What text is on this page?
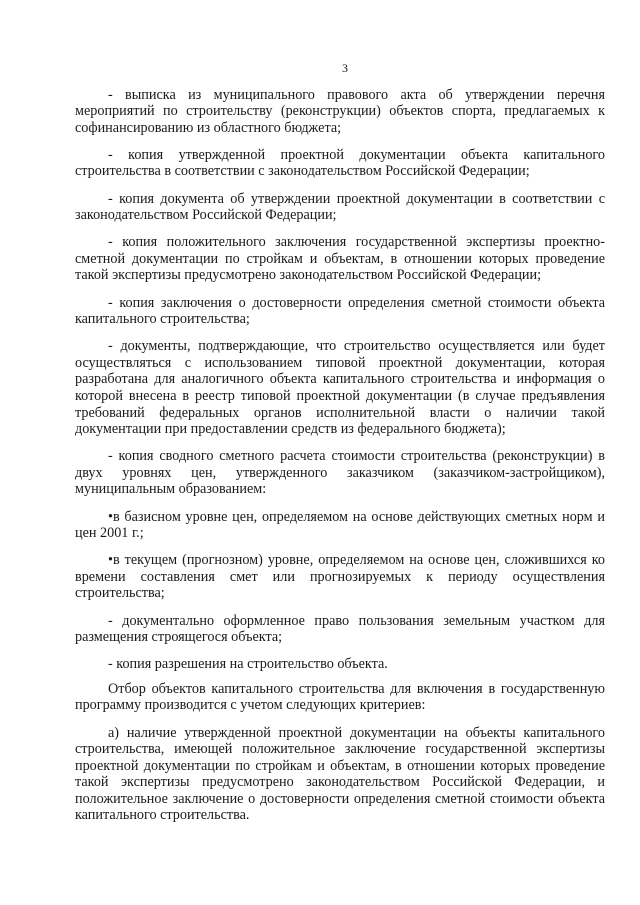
3

- выписка из муниципального правового акта об утверждении перечня мероприятий по строительству (реконструкции) объектов спорта, предлагаемых к софинансированию из областного бюджета;

- копия утвержденной проектной документации объекта капитального строительства в соответствии с законодательством Российской Федерации;

- копия документа об утверждении проектной документации в соответствии с законодательством Российской Федерации;

- копия положительного заключения государственной экспертизы проектно-сметной документации по стройкам и объектам, в отношении которых проведение такой экспертизы предусмотрено законодательством Российской Федерации;

- копия заключения о достоверности определения сметной стоимости объекта капитального строительства;

- документы, подтверждающие, что строительство осуществляется или будет осуществляться с использованием типовой проектной документации, которая разработана для аналогичного объекта капитального строительства и информация о которой внесена в реестр типовой проектной документации (в случае предъявления требований федеральных органов исполнительной власти о наличии такой документации при предоставлении средств из федерального бюджета);

- копия сводного сметного расчета стоимости строительства (реконструкции) в двух уровнях цен, утвержденного заказчиком (заказчиком-застройщиком), муниципальным образованием:

•в базисном уровне цен, определяемом на основе действующих сметных норм и цен 2001 г.;

•в текущем (прогнозном) уровне, определяемом на основе цен, сложившихся ко времени составления смет или прогнозируемых к периоду осуществления строительства;

- документально оформленное право пользования земельным участком для размещения строящегося объекта;

- копия разрешения на строительство объекта.

Отбор объектов капитального строительства для включения в государственную программу производится с учетом следующих критериев:

а) наличие утвержденной проектной документации на объекты капитального строительства, имеющей положительное заключение государственной экспертизы проектной документации по стройкам и объектам, в отношении которых проведение такой экспертизы предусмотрено законодательством Российской Федерации, и положительное заключение о достоверности определения сметной стоимости объекта капитального строительства.
